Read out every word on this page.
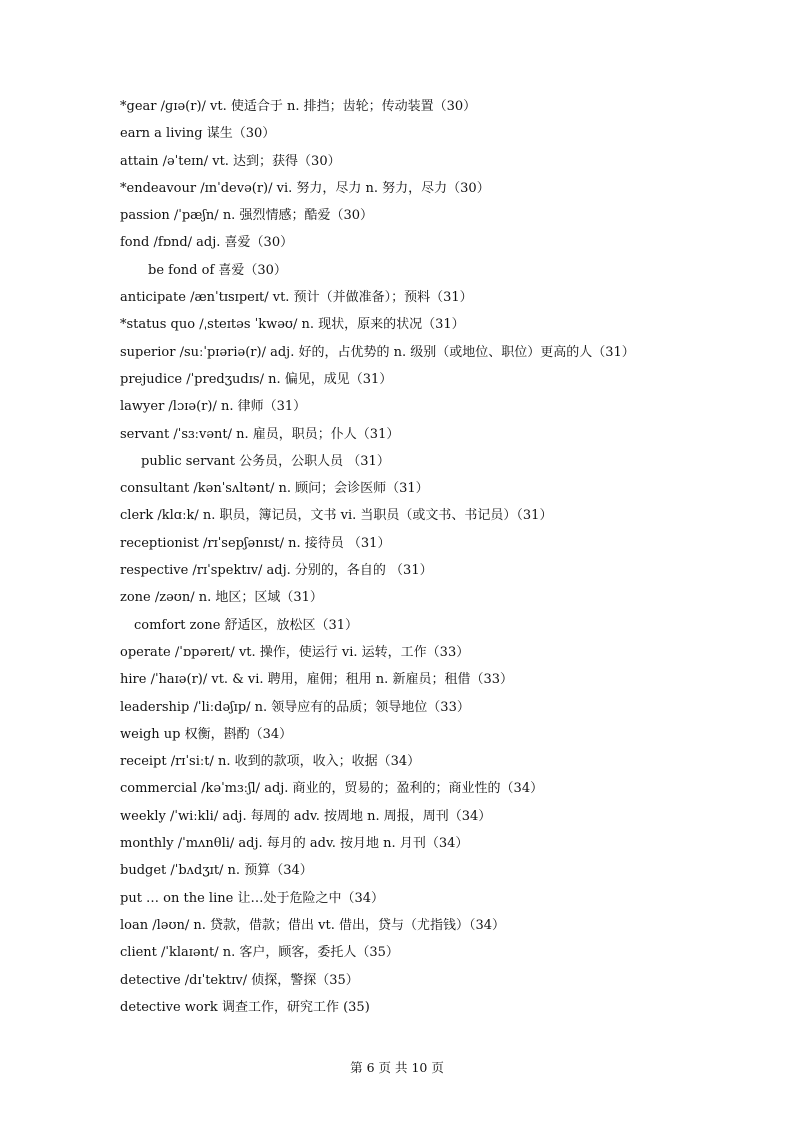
*gear /ɡɪə(r)/ vt. 使适合于 n. 排挡；齿轮；传动装置（30）
earn a living 谋生（30）
attain /əˈteɪn/ vt. 达到；获得（30）
*endeavour /ɪnˈdevə(r)/ vi. 努力，尽力 n. 努力，尽力（30）
passion /ˈpæʃn/ n. 强烈情感；酷爱（30）
fond /fɒnd/ adj. 喜爱（30）
be fond of 喜爱（30）
anticipate /ænˈtɪsɪpeɪt/ vt. 预计（并做准备）；预料（31）
*status quo /ˌsteɪtəs ˈkwəʊ/ n. 现状，原来的状况（31）
superior /suːˈpɪəriə(r)/ adj. 好的，占优势的 n. 级别（或地位、职位）更高的人（31）
prejudice /ˈpredʒudɪs/ n. 偏见，成见（31）
lawyer /lɔɪə(r)/ n. 律师（31）
servant /ˈsɜːvənt/ n. 雇员，职员；仆人（31）
public servant 公务员，公职人员 （31）
consultant /kənˈsʌltənt/ n. 顾问；会诊医师（31）
clerk /klɑːk/ n. 职员，簿记员，文书 vi. 当职员（或文书、书记员）（31）
receptionist /rɪˈsepʃənɪst/ n. 接待员 （31）
respective /rɪˈspektɪv/ adj. 分别的，各自的 （31）
zone /zəʊn/ n. 地区；区域（31）
comfort zone 舒适区，放松区（31）
operate /ˈɒpəreɪt/ vt. 操作，使运行 vi. 运转，工作（33）
hire /ˈhaɪə(r)/ vt. & vi. 聘用，雇佣；租用 n. 新雇员；租借（33）
leadership /ˈliːdəʃɪp/ n. 领导应有的品质；领导地位（33）
weigh up 权衡，斟酌（34）
receipt /rɪˈsiːt/ n. 收到的款项，收入；收据（34）
commercial /kəˈmɜːʃl/ adj. 商业的，贸易的；盈利的；商业性的（34）
weekly /ˈwiːkli/ adj. 每周的 adv. 按周地 n. 周报，周刊（34）
monthly /ˈmʌnθli/ adj. 每月的 adv. 按月地 n. 月刊（34）
budget /ˈbʌdʒɪt/ n. 预算（34）
put … on the line 让…处于危险之中（34）
loan /ləʊn/ n. 贷款，借款；借出 vt. 借出，贷与（尤指钱）（34）
client /ˈklaɪənt/ n. 客户，顾客，委托人（35）
detective /dɪˈtektɪv/ 侦探，警探（35）
detective work 调查工作，研究工作 (35)
第 6 页 共 10 页
